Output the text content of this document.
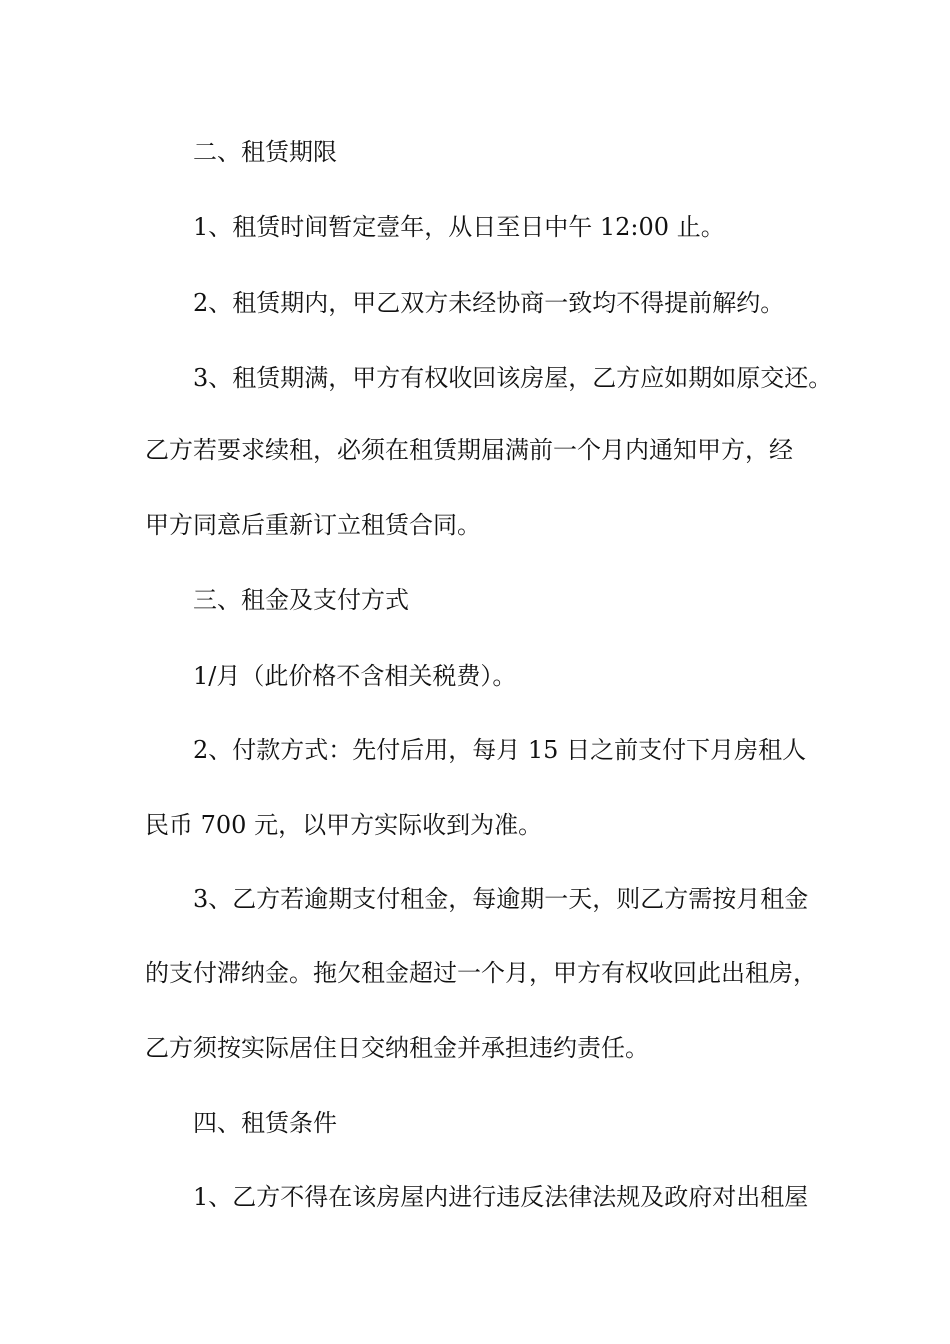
二、租赁期限
1、租赁时间暂定壹年，从日至日中午 12:00 止。
2、租赁期内，甲乙双方未经协商一致均不得提前解约。
3、租赁期满，甲方有权收回该房屋，乙方应如期如原交还。
乙方若要求续租，必须在租赁期届满前一个月内通知甲方，经
甲方同意后重新订立租赁合同。
三、租金及支付方式
1/月（此价格不含相关税费）。
2、付款方式：先付后用，每月 15 日之前支付下月房租人
民币 700 元，以甲方实际收到为准。
3、乙方若逾期支付租金，每逾期一天，则乙方需按月租金
的支付滞纳金。拖欠租金超过一个月，甲方有权收回此出租房，
乙方须按实际居住日交纳租金并承担违约责任。
四、租赁条件
1、乙方不得在该房屋内进行违反法律法规及政府对出租屋
